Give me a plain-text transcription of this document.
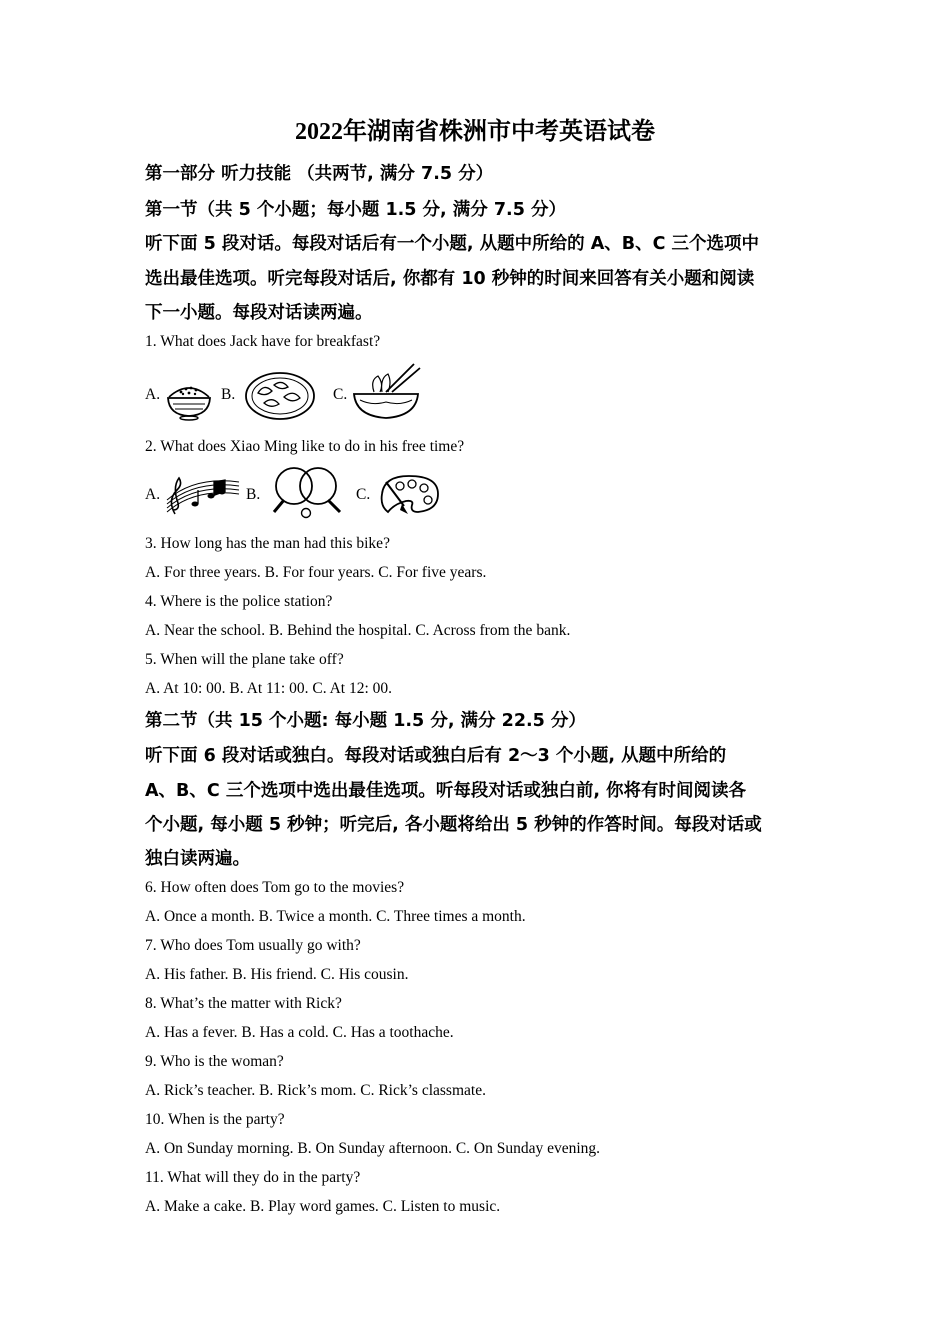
2022年湖南省株洲市中考英语试卷
第一部分 听力技能 （共两节, 满分 7.5 分）
第一节（共 5 个小题；每小题 1.5 分, 满分 7.5 分）
听下面 5 段对话。每段对话后有一个小题, 从题中所给的 A、B、C 三个选项中
选出最佳选项。听完每段对话后, 你都有 10 秒钟的时间来回答有关小题和阅读
下一小题。每段对话读两遍。
1. What does Jack have for breakfast?
A.	B.	C.
2. What does Xiao Ming like to do in his free time?
A.	B.	C.
3. How long has the man had this bike?
A. For three years. B. For four years. C. For five years.
4. Where is the police station?
A. Near the school. B. Behind the hospital. C. Across from the bank.
5. When will the plane take off?
A. At 10: 00. B. At 11: 00. C. At 12: 00.
第二节（共 15 个小题: 每小题 1.5 分, 满分 22.5 分）
听下面 6 段对话或独白。每段对话或独白后有 2～3 个小题, 从题中所给的
A、B、C 三个选项中选出最佳选项。听每段对话或独白前, 你将有时间阅读各
个小题, 每小题 5 秒钟；听完后, 各小题将给出 5 秒钟的作答时间。每段对话或
独白读两遍。
6. How often does Tom go to the movies?
A. Once a month. B. Twice a month. C. Three times a month.
7. Who does Tom usually go with?
A. His father. B. His friend. C. His cousin.
8. What’s the matter with Rick?
A. Has a fever. B. Has a cold. C. Has a toothache.
9. Who is the woman?
A. Rick’s teacher. B. Rick’s mom. C. Rick’s classmate.
10. When is the party?
A. On Sunday morning. B. On Sunday afternoon. C. On Sunday evening.
11. What will they do in the party?
A. Make a cake. B. Play word games. C. Listen to music.
